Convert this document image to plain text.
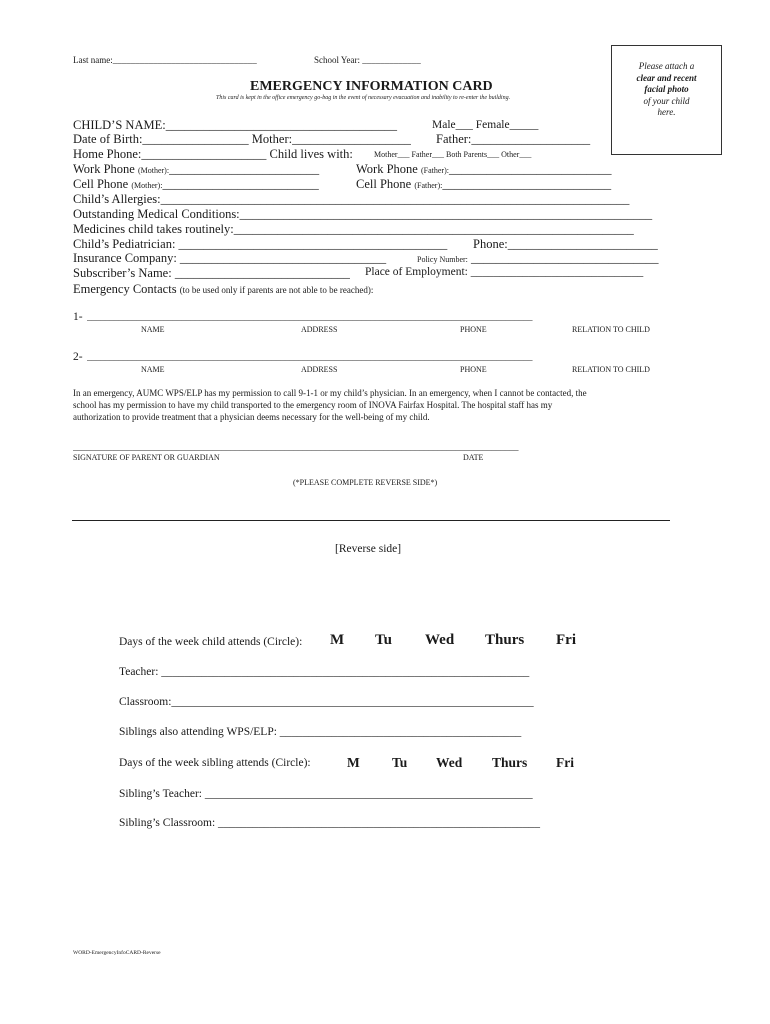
Last name:________________________________	School Year: _____________
EMERGENCY INFORMATION CARD
This card is kept in the office emergency go-bag in the event of necessary evacuation and inability to re-enter the building.
Please attach a
clear and recent
facial photo
of your child
here.
CHILD’S NAME:_____________________________________	Male___ Female_____
Date of Birth:_________________ Mother:___________________ Father:___________________
Home Phone:____________________ Child lives with:	Mother___ Father___ Both Parents___ Other___
Work Phone (Mother):________________________	Work Phone (Father):__________________________
Cell Phone (Mother):_________________________	Cell Phone (Father):___________________________
Child’s Allergies:___________________________________________________________________________
Outstanding Medical Conditions:__________________________________________________________________
Medicines child takes routinely:________________________________________________________________
Child’s Pediatrician: ___________________________________________ Phone:________________________
Insurance Company: _________________________________	Policy Number: ______________________________
Subscriber’s Name: ____________________________ Place of Employment: ______________________________
Emergency Contacts (to be used only if parents are not able to be reached):
1- ___________________________________________________________________________________________________
NAME	ADDRESS	PHONE	RELATION TO CHILD
2- ___________________________________________________________________________________________________
NAME	ADDRESS	PHONE	RELATION TO CHILD
In an emergency, AUMC WPS/ELP has my permission to call 9-1-1 or my child’s physician. In an emergency, when I cannot be contacted, the
school has my permission to have my child transported to the emergency room of INOVA Fairfax Hospital. The hospital staff has my
authorization to provide treatment that a physician deems necessary for the well-being of my child.
___________________________________________________________________________________________________
SIGNATURE OF PARENT OR GUARDIAN	DATE
(*PLEASE COMPLETE REVERSE SIDE*)
[Reverse side]
Days of the week child attends (Circle): M Tu Wed Thurs Fri
Teacher: ________________________________________________________________
Classroom:_______________________________________________________________
Siblings also attending WPS/ELP: __________________________________________
Days of the week sibling attends (Circle):	M Tu Wed Thurs Fri
Sibling’s Teacher: _________________________________________________________
Sibling’s Classroom: ________________________________________________________
WORD-EmergencyInfoCARD-Reverse
